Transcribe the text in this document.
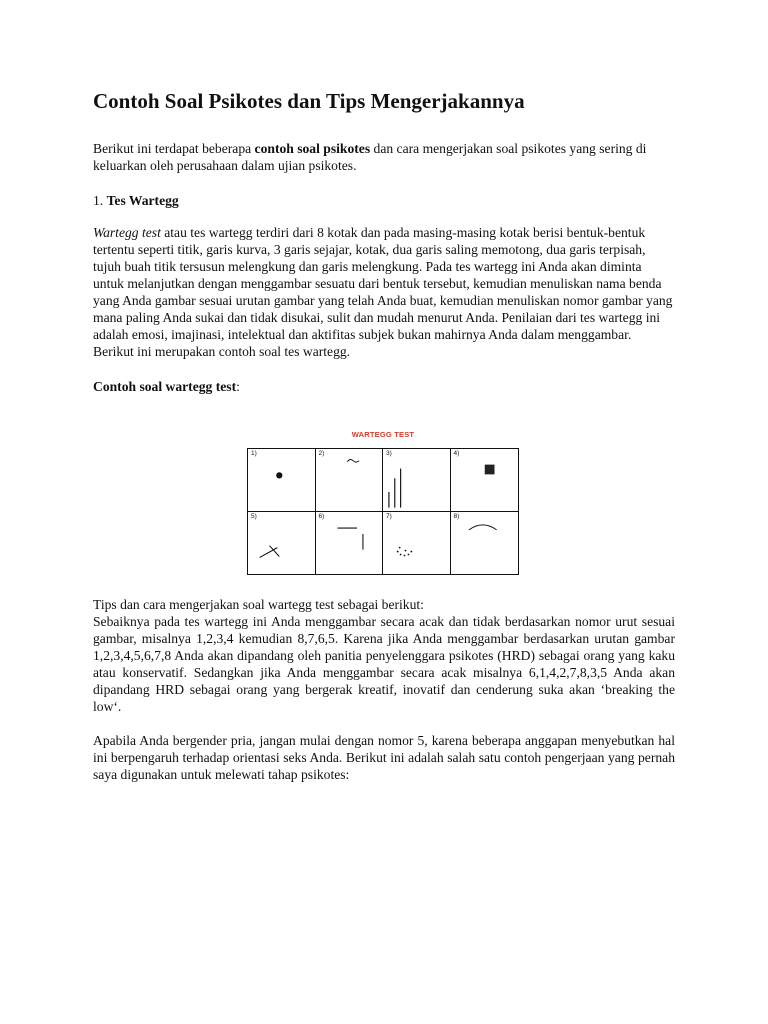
Contoh Soal Psikotes dan Tips Mengerjakannya

Berikut ini terdapat beberapa contoh soal psikotes dan cara mengerjakan soal psikotes yang sering di keluarkan oleh perusahaan dalam ujian psikotes.

1. Tes Wartegg

Wartegg test atau tes wartegg terdiri dari 8 kotak dan pada masing-masing kotak berisi bentuk-bentuk tertentu seperti titik, garis kurva, 3 garis sejajar, kotak, dua garis saling memotong, dua garis terpisah, tujuh buah titik tersusun melengkung dan garis melengkung. Pada tes wartegg ini Anda akan diminta untuk melanjutkan dengan menggambar sesuatu dari bentuk tersebut, kemudian menuliskan nama benda yang Anda gambar sesuai urutan gambar yang telah Anda buat, kemudian menuliskan nomor gambar yang mana paling Anda sukai dan tidak disukai, sulit dan mudah menurut Anda. Penilaian dari tes wartegg ini adalah emosi, imajinasi, intelektual dan aktifitas subjek bukan mahirnya Anda dalam menggambar. Berikut ini merupakan contoh soal tes wartegg.

Contoh soal wartegg test:

WARTEGG TEST
1)	2)	3)	4)
5)	6)	7)	8)

Tips dan cara mengerjakan soal wartegg test sebagai berikut:

Sebaiknya pada tes wartegg ini Anda menggambar secara acak dan tidak berdasarkan nomor urut sesuai gambar, misalnya 1,2,3,4 kemudian 8,7,6,5. Karena jika Anda menggambar berdasarkan urutan gambar 1,2,3,4,5,6,7,8 Anda akan dipandang oleh panitia penyelenggara psikotes (HRD) sebagai orang yang kaku atau konservatif. Sedangkan jika Anda menggambar secara acak misalnya 6,1,4,2,7,8,3,5 Anda akan dipandang HRD sebagai orang yang bergerak kreatif, inovatif dan cenderung suka akan ‘breaking the low‘.

Apabila Anda bergender pria, jangan mulai dengan nomor 5, karena beberapa anggapan menyebutkan hal ini berpengaruh terhadap orientasi seks Anda. Berikut ini adalah salah satu contoh pengerjaan yang pernah saya digunakan untuk melewati tahap psikotes:
